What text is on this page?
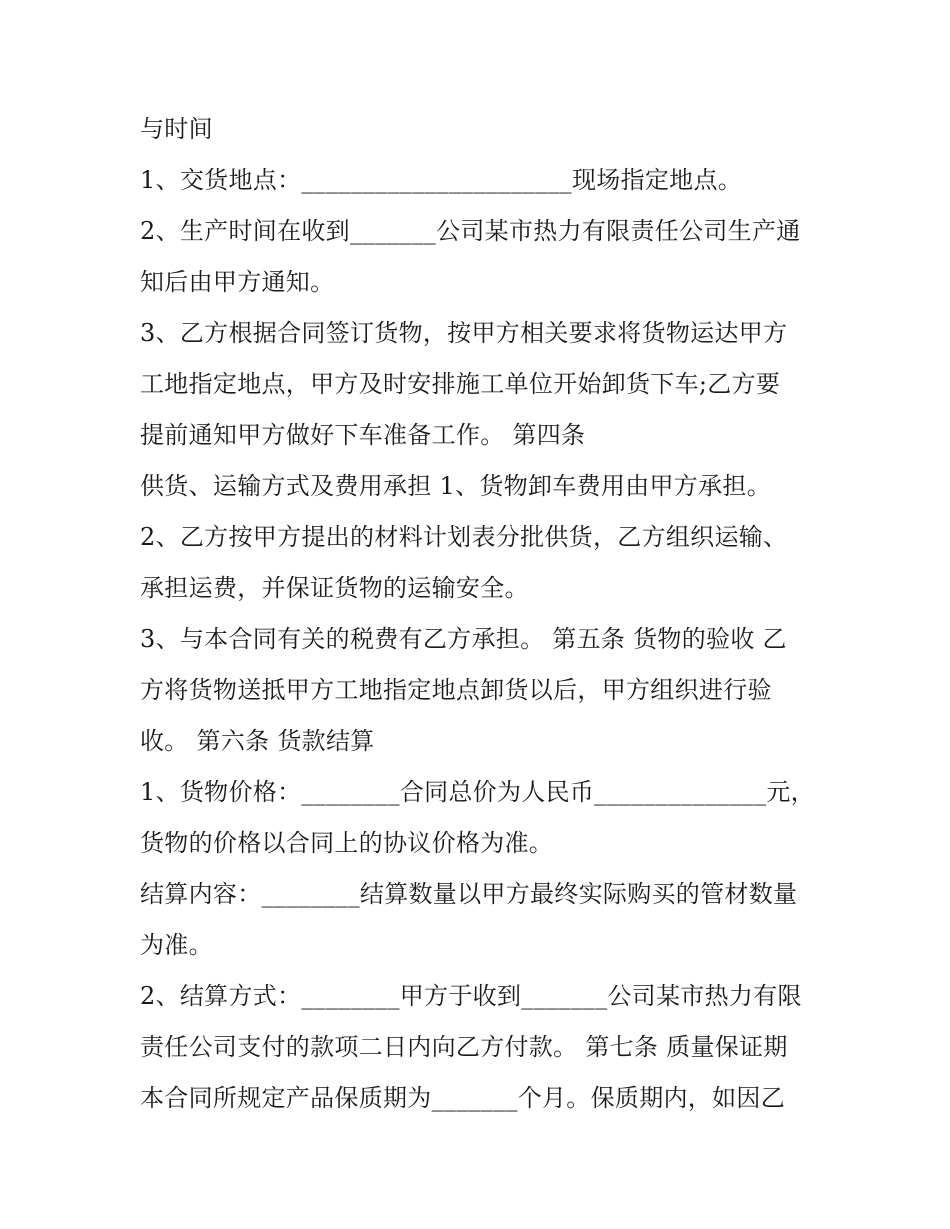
与时间
1、交货地点：______________________现场指定地点。
2、生产时间在收到_______公司某市热力有限责任公司生产通
知后由甲方通知。
3、乙方根据合同签订货物，按甲方相关要求将货物运达甲方
工地指定地点，甲方及时安排施工单位开始卸货下车;乙方要
提前通知甲方做好下车准备工作。 第四条
供货、运输方式及费用承担 1、货物卸车费用由甲方承担。
2、乙方按甲方提出的材料计划表分批供货，乙方组织运输、
承担运费，并保证货物的运输安全。
3、与本合同有关的税费有乙方承担。 第五条 货物的验收 乙
方将货物送抵甲方工地指定地点卸货以后，甲方组织进行验
收。 第六条 货款结算
1、货物价格：________合同总价为人民币______________元，
货物的价格以合同上的协议价格为准。
结算内容：________结算数量以甲方最终实际购买的管材数量
为准。
2、结算方式：________甲方于收到_______公司某市热力有限
责任公司支付的款项二日内向乙方付款。 第七条 质量保证期
本合同所规定产品保质期为_______个月。保质期内，如因乙
